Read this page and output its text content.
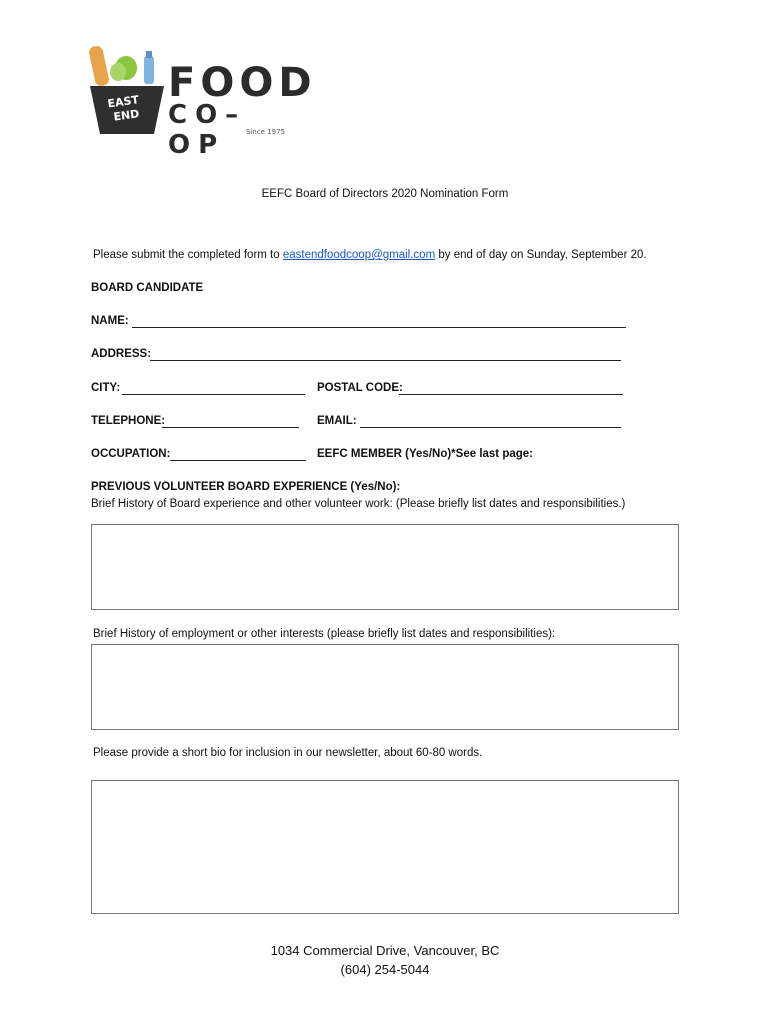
EAST
END
FOOD
CO–OP	Since 1975
EEFC Board of Directors 2020 Nomination Form
Please submit the completed form to eastendfoodcoop@gmail.com by end of day on Sunday, September 20.
BOARD CANDIDATE
NAME:
ADDRESS:
CITY:	POSTAL CODE:
TELEPHONE:	EMAIL:
OCCUPATION:	EEFC MEMBER (Yes/No)*See last page:
PREVIOUS VOLUNTEER BOARD EXPERIENCE (Yes/No):
Brief History of Board experience and other volunteer work: (Please briefly list dates and responsibilities.)
Brief History of employment or other interests (please briefly list dates and responsibilities):
Please provide a short bio for inclusion in our newsletter, about 60-80 words.
1034 Commercial Drive, Vancouver, BC
(604) 254-5044
